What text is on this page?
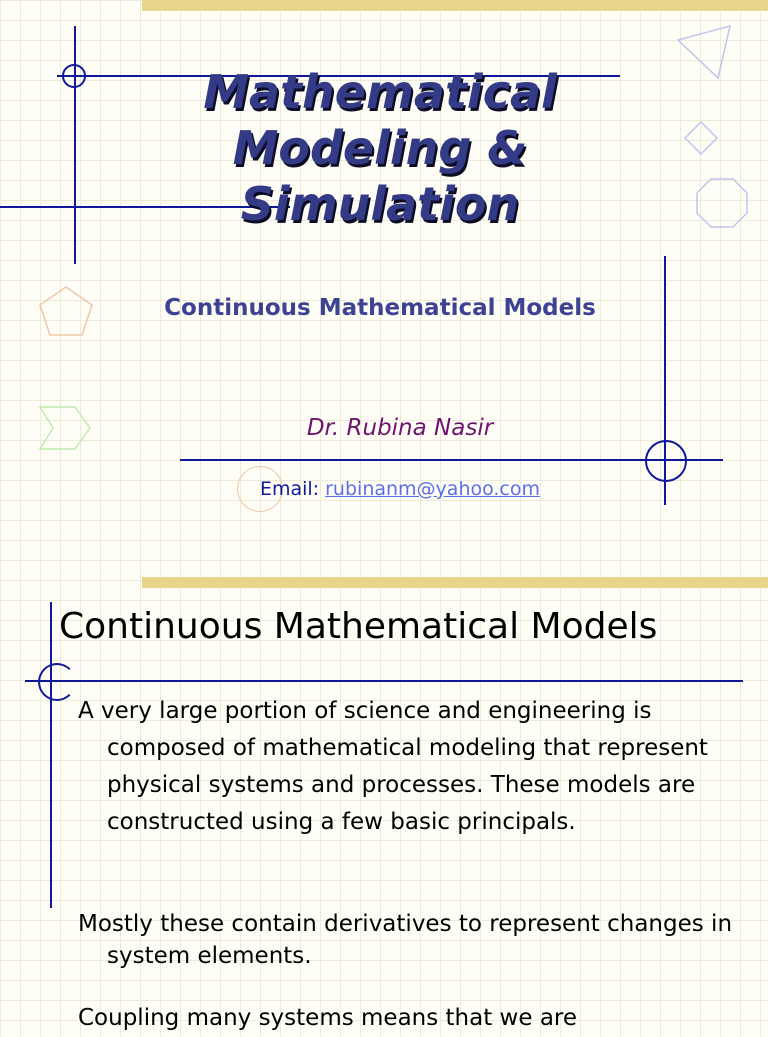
Mathematical Modeling & Simulation
Continuous Mathematical Models
Dr. Rubina Nasir
Email: rubinanm@yahoo.com
Continuous Mathematical Models

A very large portion of science and engineering is composed of mathematical modeling that represent physical systems and processes. These models are constructed using a few basic principals.

Mostly these contain derivatives to represent changes in system elements.

Coupling many systems means that we are
